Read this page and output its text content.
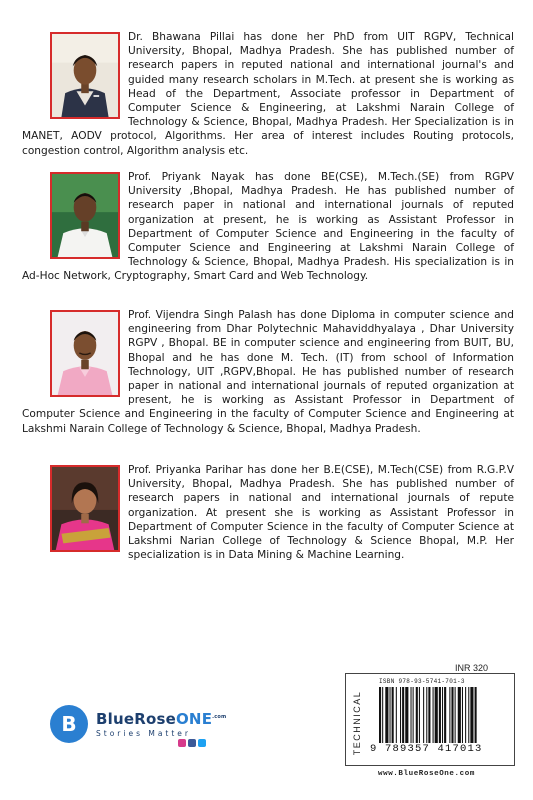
Dr. Bhawana Pillai has done her PhD from UIT RGPV, Technical University, Bhopal, Madhya Pradesh. She has published number of research papers in reputed national and international journal's and guided many research scholars in M.Tech. at present she is working as Head of the Department, Associate professor in Department of Computer Science & Engineering, at Lakshmi Narain College of Technology & Science, Bhopal, Madhya Pradesh. Her Specialization is in MANET, AODV protocol, Algorithms. Her area of interest includes Routing protocols, congestion control, Algorithm analysis etc.
Prof. Priyank Nayak has done BE(CSE), M.Tech.(SE) from RGPV University ,Bhopal, Madhya Pradesh. He has published number of research paper in national and international journals of reputed organization at present, he is working as Assistant Professor in Department of Computer Science and Engineering in the faculty of Computer Science and Engineering at Lakshmi Narain College of Technology & Science, Bhopal, Madhya Pradesh. His specialization is in Ad-Hoc Network, Cryptography, Smart Card and Web Technology.
Prof. Vijendra Singh Palash has done Diploma in computer science and engineering from Dhar Polytechnic Mahaviddhyalaya , Dhar University RGPV , Bhopal. BE in computer science and engineering from BUIT, BU, Bhopal and he has done M. Tech. (IT) from school of Information Technology, UIT ,RGPV,Bhopal. He has published number of research paper in national and international journals of reputed organization at present, he is working as Assistant Professor in Department of Computer Science and Engineering in the faculty of Computer Science and Engineering at Lakshmi Narain College of Technology & Science, Bhopal, Madhya Pradesh.
Prof. Priyanka Parihar has done her B.E(CSE), M.Tech(CSE) from R.G.P.V University, Bhopal, Madhya Pradesh. She has published number of research papers in national and international journals of repute organization. At present she is working as Assistant Professor in Department of Computer Science in the faculty of Computer Science at Lakshmi Narian College of Technology & Science Bhopal, M.P. Her specialization is in Data Mining & Machine Learning.
B	BlueRoseONE$^{.com}$
Stories Matter
INR 320
TECHNICAL
ISBN 978-93-5741-701-3
9 789357 417013
www.BlueRoseOne.com
